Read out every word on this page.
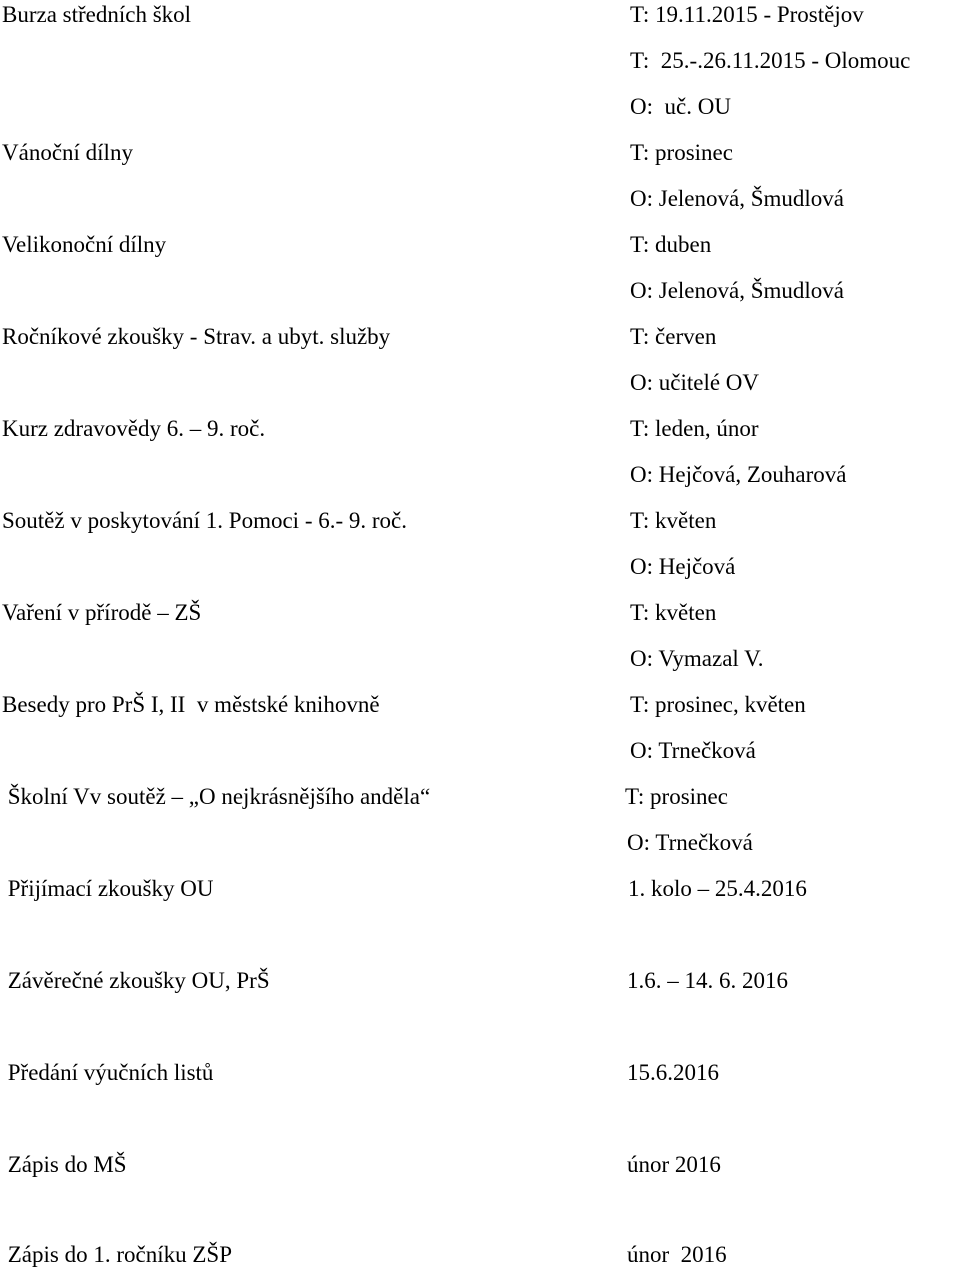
Burza středních škol	T: 19.11.2015 - Prostějov
T:  25.-.26.11.2015 - Olomouc
O:  uč. OU
Vánoční dílny	T: prosinec
O: Jelenová, Šmudlová
Velikonoční dílny	T: duben
O: Jelenová, Šmudlová
Ročníkové zkoušky - Strav. a ubyt. služby	T: červen
O: učitelé OV
Kurz zdravovědy 6. – 9. roč.	T: leden, únor
O: Hejčová, Zouharová
Soutěž v poskytování 1. Pomoci - 6.- 9. roč.	T: květen
O: Hejčová
Vaření v přírodě – ZŠ	T: květen
O: Vymazal V.
Besedy pro PrŠ I, II  v městské knihovně	T: prosinec, květen
O: Trnečková
Školní Vv soutěž – „O nejkrásnějšího anděla“	T: prosinec
O: Trnečková
Přijímací zkoušky OU	1. kolo – 25.4.2016
Závěrečné zkoušky OU, PrŠ	1.6. – 14. 6. 2016
Předání výučních listů	15.6.2016
Zápis do MŠ	únor 2016
Zápis do 1. ročníku ZŠP	únor  2016
